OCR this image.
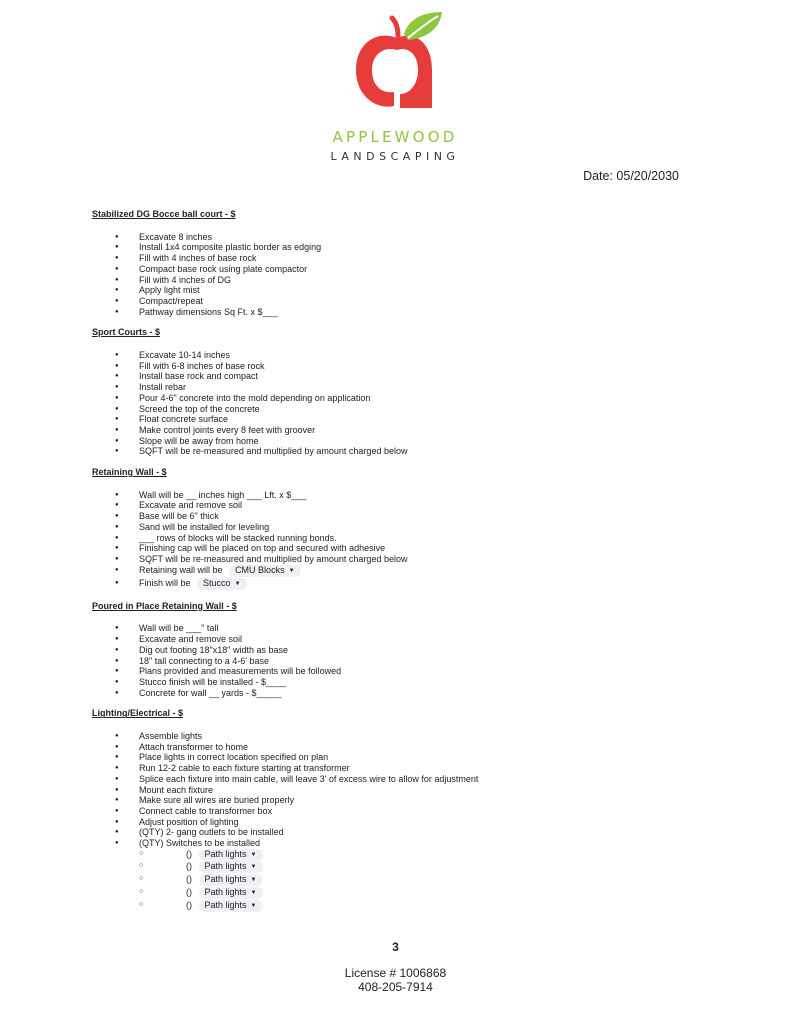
APPLEWOOD
LANDSCAPING
Date: 05/20/2030
Stabilized DG Bocce ball court - $
● Excavate 8 inches
● Install 1x4 composite plastic border as edging
● Fill with 4 inches of base rock
● Compact base rock using plate compactor
● Fill with 4 inches of DG
● Apply light mist
● Compact/repeat
● Pathway dimensions Sq Ft. x $___
Sport Courts - $
● Excavate 10-14 inches
● Fill with 6-8 inches of base rock
● Install base rock and compact
● Install rebar
● Pour 4-6" concrete into the mold depending on application
● Screed the top of the concrete
● Float concrete surface
● Make control joints every 8 feet with groover
● Slope will be away from home
● SQFT will be re-measured and multiplied by amount charged below
Retaining Wall - $
● Wall will be __ inches high ___ Lft. x $___
● Excavate and remove soil
● Base will be 6" thick
● Sand will be installed for leveling
● ___ rows of blocks will be stacked running bonds.
● Finishing cap will be placed on top and secured with adhesive
● SQFT will be re-measured and multiplied by amount charged below
● Retaining wall will be CMU Blocks ▼
● Finish will be Stucco ▼
Poured in Place Retaining Wall - $
● Wall will be ___" tall
● Excavate and remove soil
● Dig out footing 18"x18" width as base
● 18" tall connecting to a 4-6' base
● Plans provided and measurements will be followed
● Stucco finish will be installed - $____
● Concrete for wall __ yards - $_____
Lighting/Electrical - $
● Assemble lights
● Attach transformer to home
● Place lights in correct location specified on plan
● Run 12-2 cable to each fixture starting at transformer
● Splice each fixture into main cable, will leave 3' of excess wire to allow for adjustment
● Mount each fixture
● Make sure all wires are buried properly
● Connect cable to transformer box
● Adjust position of lighting
● (QTY) 2- gang outlets to be installed
● (QTY) Switches to be installed
○ () Path lights ▼
○ () Path lights ▼
○ () Path lights ▼
○ () Path lights ▼
○ () Path lights ▼
3
License # 1006868
408-205-7914
